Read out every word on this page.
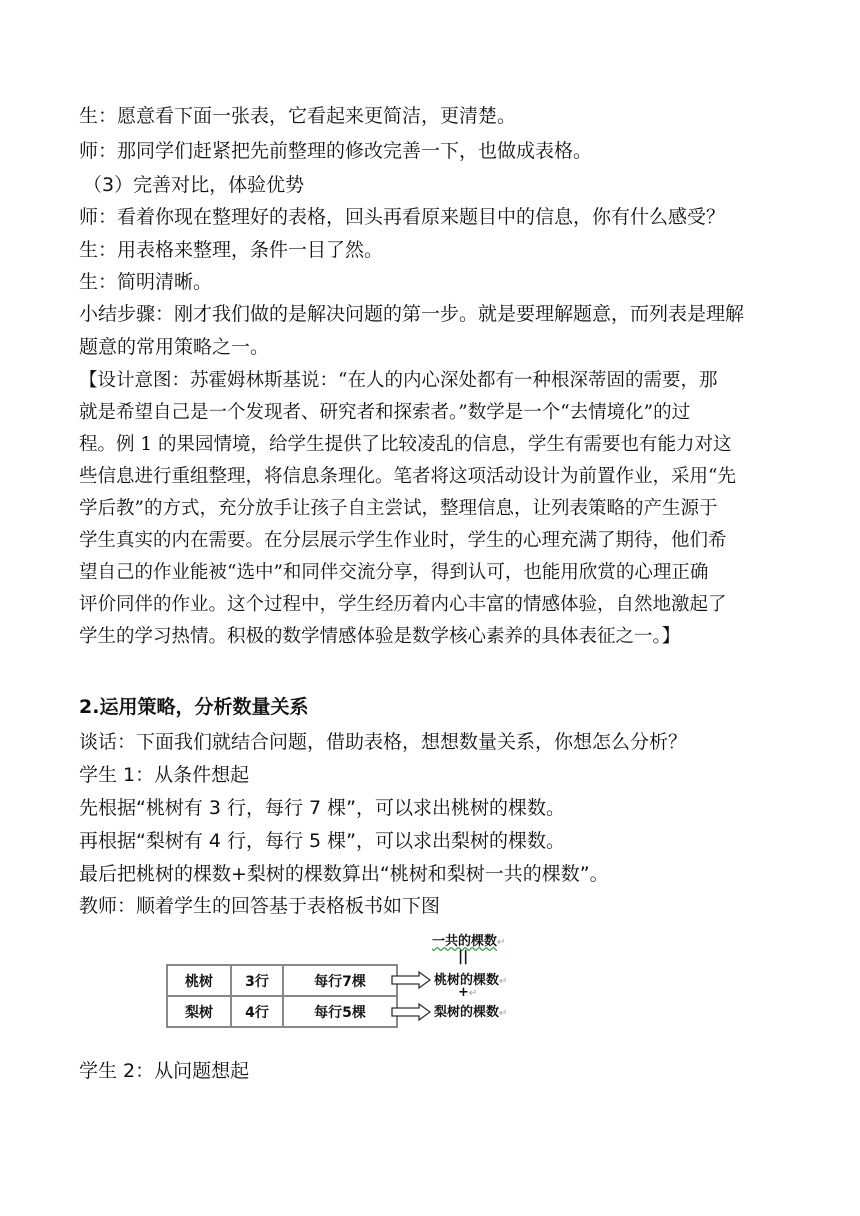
生：愿意看下面一张表，它看起来更简洁，更清楚。
师：那同学们赶紧把先前整理的修改完善一下，也做成表格。
（3）完善对比，体验优势
师：看着你现在整理好的表格，回头再看原来题目中的信息，你有什么感受？
生：用表格来整理，条件一目了然。
生：简明清晰。
小结步骤：刚才我们做的是解决问题的第一步。就是要理解题意，而列表是理解
题意的常用策略之一。
【设计意图：苏霍姆林斯基说：“在人的内心深处都有一种根深蒂固的需要，那
就是希望自己是一个发现者、研究者和探索者。”数学是一个“去情境化”的过
程。例 1 的果园情境，给学生提供了比较凌乱的信息，学生有需要也有能力对这
些信息进行重组整理，将信息条理化。笔者将这项活动设计为前置作业，采用“先
学后教”的方式，充分放手让孩子自主尝试，整理信息，让列表策略的产生源于
学生真实的内在需要。在分层展示学生作业时，学生的心理充满了期待，他们希
望自己的作业能被“选中”和同伴交流分享，得到认可，也能用欣赏的心理正确
评价同伴的作业。这个过程中，学生经历着内心丰富的情感体验，自然地激起了
学生的学习热情。积极的数学情感体验是数学核心素养的具体表征之一。】
2.运用策略，分析数量关系
谈话：下面我们就结合问题，借助表格，想想数量关系，你想怎么分析？
学生 1：从条件想起
先根据“桃树有 3 行，每行 7 棵”，可以求出桃树的棵数。
再根据“梨树有 4 行，每行 5 棵”，可以求出梨树的棵数。
最后把桃树的棵数+梨树的棵数算出“桃树和梨树一共的棵数”。
教师：顺着学生的回答基于表格板书如下图
桃树	3行	每行7棵
梨树	4行	每行5棵
一共的棵数↵
||
桃树的棵数↵
+↵
梨树的棵数↵
学生 2：从问题想起
